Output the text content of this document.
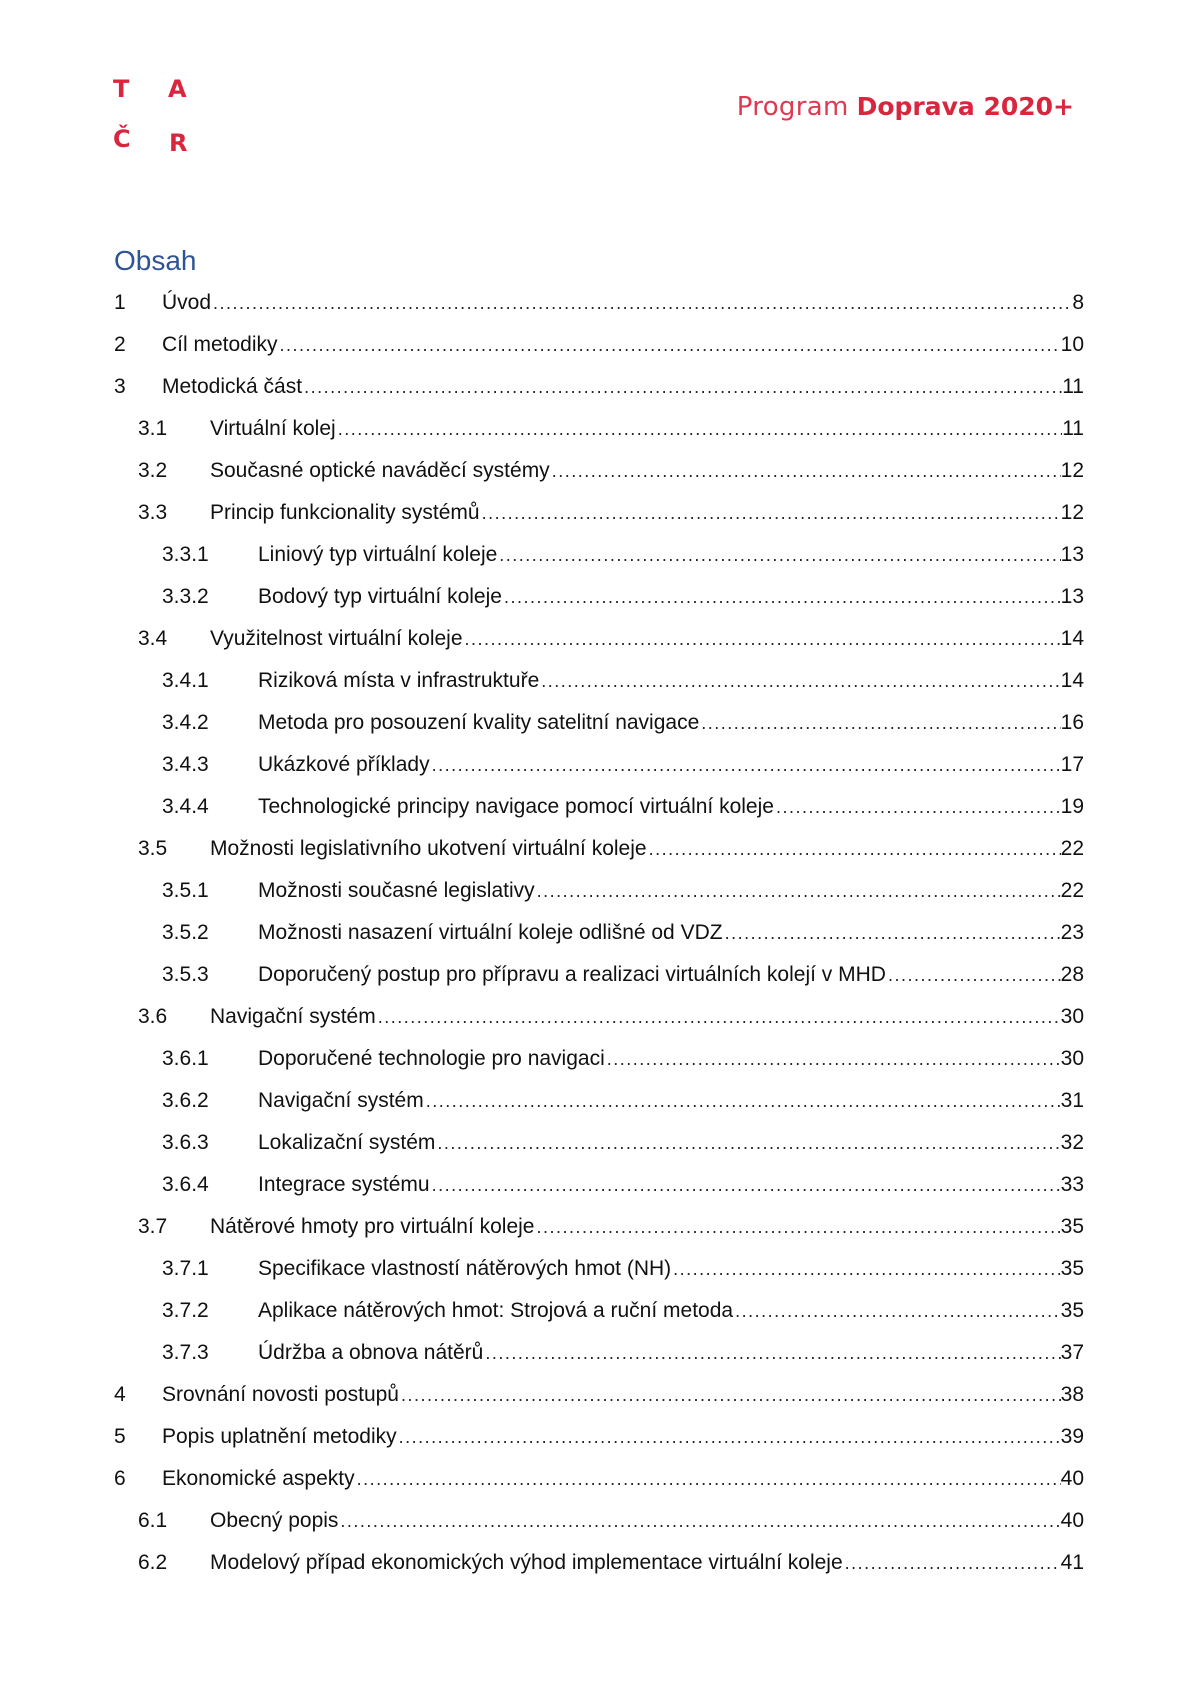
T A
Č R
Program Doprava 2020+
Obsah
1	Úvod .....	8
2	Cíl metodiky .....	10
3	Metodická část .....	11
3.1	Virtuální kolej .....	11
3.2	Současné optické naváděcí systémy .....	12
3.3	Princip funkcionality systémů .....	12
3.3.1	Liniový typ virtuální koleje .....	13
3.3.2	Bodový typ virtuální koleje .....	13
3.4	Využitelnost virtuální koleje .....	14
3.4.1	Riziková místa v infrastruktuře .....	14
3.4.2	Metoda pro posouzení kvality satelitní navigace .....	16
3.4.3	Ukázkové příklady .....	17
3.4.4	Technologické principy navigace pomocí virtuální koleje .....	19
3.5	Možnosti legislativního ukotvení virtuální koleje .....	22
3.5.1	Možnosti současné legislativy .....	22
3.5.2	Možnosti nasazení virtuální koleje odlišné od VDZ .....	23
3.5.3	Doporučený postup pro přípravu a realizaci virtuálních kolejí v MHD .....	28
3.6	Navigační systém .....	30
3.6.1	Doporučené technologie pro navigaci .....	30
3.6.2	Navigační systém .....	31
3.6.3	Lokalizační systém .....	32
3.6.4	Integrace systému .....	33
3.7	Nátěrové hmoty pro virtuální koleje .....	35
3.7.1	Specifikace vlastností nátěrových hmot (NH) .....	35
3.7.2	Aplikace nátěrových hmot: Strojová a ruční metoda .....	35
3.7.3	Údržba a obnova nátěrů .....	37
4	Srovnání novosti postupů .....	38
5	Popis uplatnění metodiky .....	39
6	Ekonomické aspekty .....	40
6.1	Obecný popis .....	40
6.2	Modelový případ ekonomických výhod implementace virtuální koleje .....	41
